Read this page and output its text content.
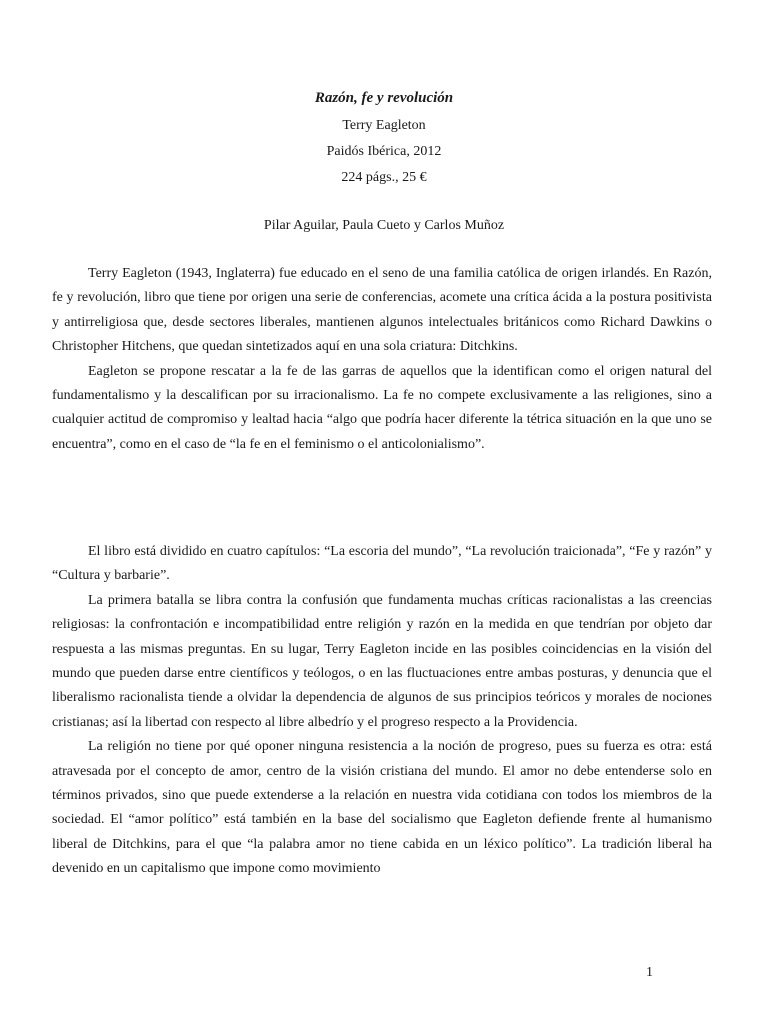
Razón, fe y revolución
Terry Eagleton
Paidós Ibérica, 2012
224 págs., 25 €
Pilar Aguilar, Paula Cueto y Carlos Muñoz

Terry Eagleton (1943, Inglaterra) fue educado en el seno de una familia católica de origen irlandés. En Razón, fe y revolución, libro que tiene por origen una serie de conferencias, acomete una crítica ácida a la postura positivista y antirreligiosa que, desde sectores liberales, mantienen algunos intelectuales británicos como Richard Dawkins o Christopher Hitchens, que quedan sintetizados aquí en una sola criatura: Ditchkins.

Eagleton se propone rescatar a la fe de las garras de aquellos que la identifican como el origen natural del fundamentalismo y la descalifican por su irracionalismo. La fe no compete exclusivamente a las religiones, sino a cualquier actitud de compromiso y lealtad hacia “algo que podría hacer diferente la tétrica situación en la que uno se encuentra”, como en el caso de “la fe en el feminismo o el anticolonialismo”.

El libro está dividido en cuatro capítulos: “La escoria del mundo”, “La revolución traicionada”, “Fe y razón” y “Cultura y barbarie”.

La primera batalla se libra contra la confusión que fundamenta muchas críticas racionalistas a las creencias religiosas: la confrontación e incompatibilidad entre religión y razón en la medida en que tendrían por objeto dar respuesta a las mismas preguntas. En su lugar, Terry Eagleton incide en las posibles coincidencias en la visión del mundo que pueden darse entre científicos y teólogos, o en las fluctuaciones entre ambas posturas, y denuncia que el liberalismo racionalista tiende a olvidar la dependencia de algunos de sus principios teóricos y morales de nociones cristianas; así la libertad con respecto al libre albedrío y el progreso respecto a la Providencia.

La religión no tiene por qué oponer ninguna resistencia a la noción de progreso, pues su fuerza es otra: está atravesada por el concepto de amor, centro de la visión cristiana del mundo. El amor no debe entenderse solo en términos privados, sino que puede extenderse a la relación en nuestra vida cotidiana con todos los miembros de la sociedad. El “amor político” está también en la base del socialismo que Eagleton defiende frente al humanismo liberal de Ditchkins, para el que “la palabra amor no tiene cabida en un léxico político”. La tradición liberal ha devenido en un capitalismo que impone como movimiento

1
